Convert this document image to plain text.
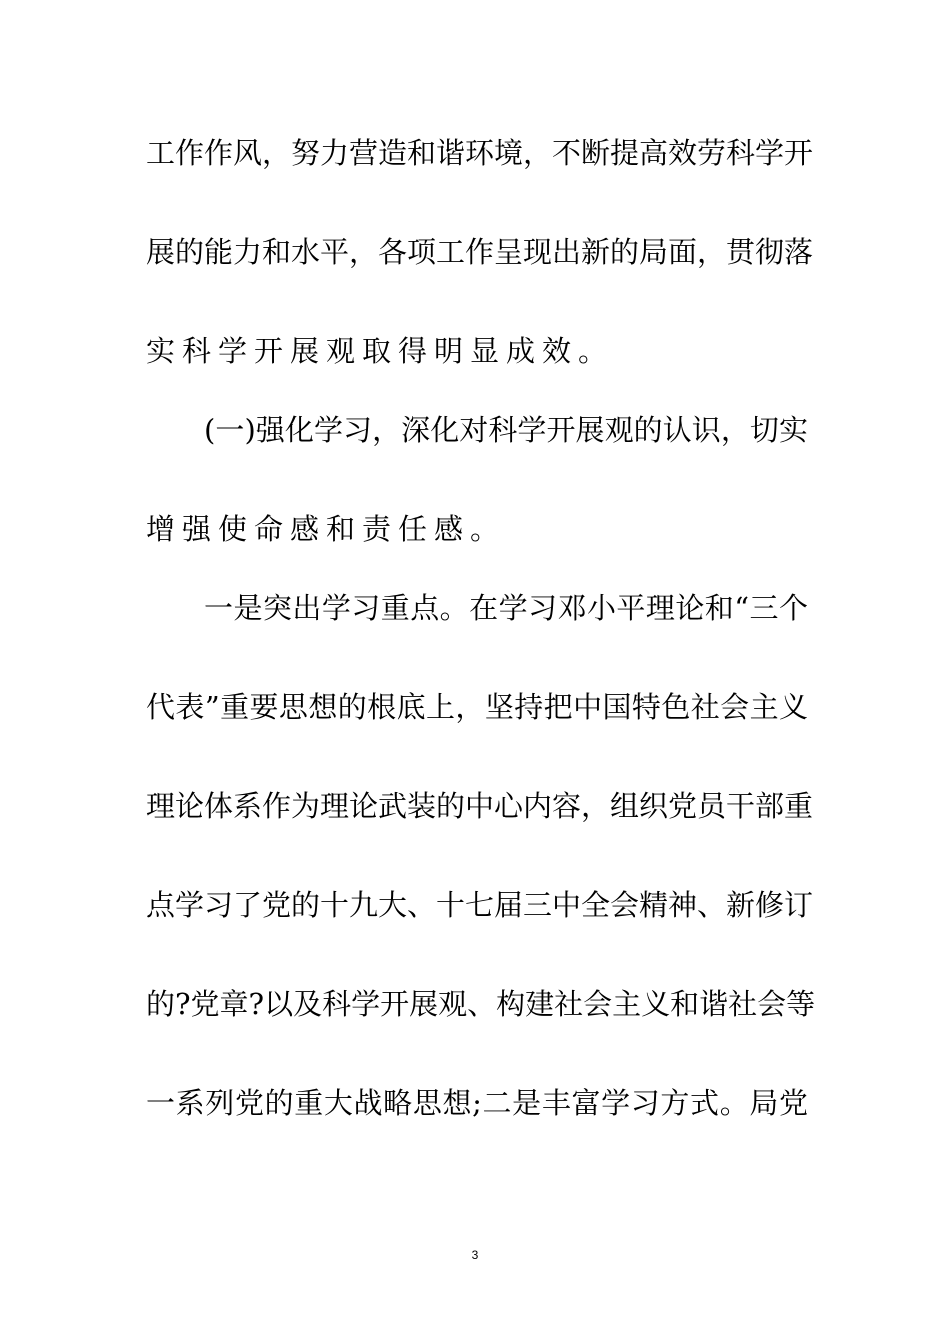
工作作风，努力营造和谐环境，不断提高效劳科学开
展的能力和水平，各项工作呈现出新的局面，贯彻落
实科学开展观取得明显成效。
(一)强化学习，深化对科学开展观的认识，切实
增强使命感和责任感。
一是突出学习重点。在学习邓小平理论和“三个
代表”重要思想的根底上，坚持把中国特色社会主义
理论体系作为理论武装的中心内容，组织党员干部重
点学习了党的十九大、十七届三中全会精神、新修订
的?党章?以及科学开展观、构建社会主义和谐社会等
一系列党的重大战略思想;二是丰富学习方式。局党
3
